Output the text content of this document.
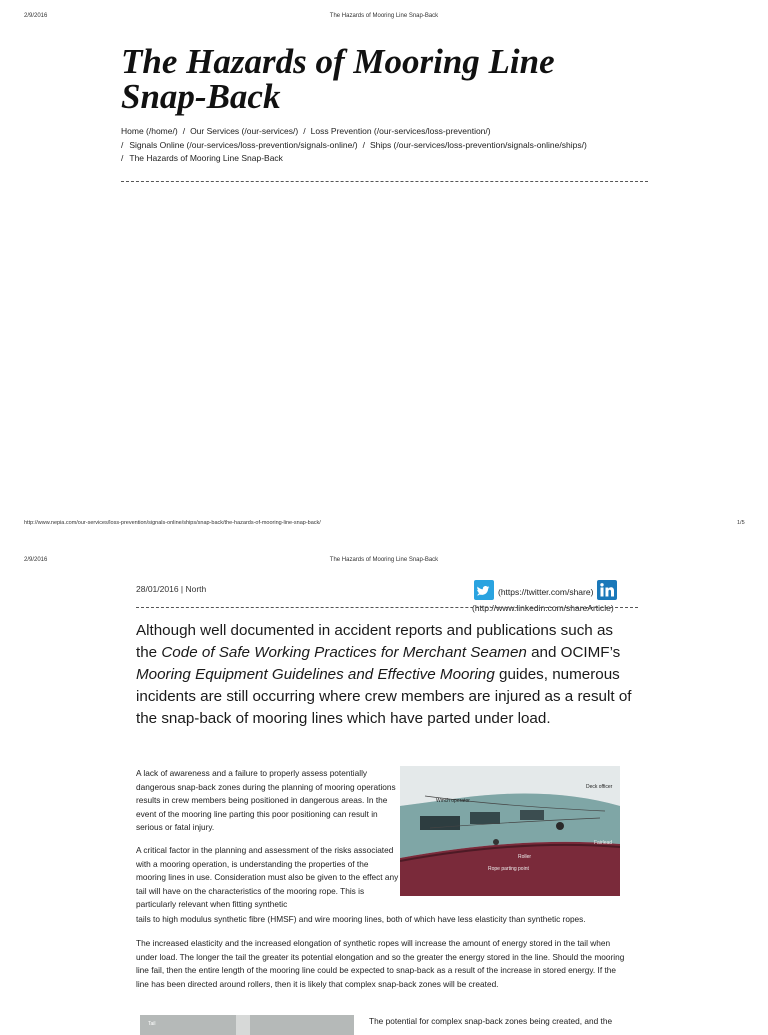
2/9/2016	The Hazards of Mooring Line Snap-Back
The Hazards of Mooring Line
Snap-Back
Home (/home/) / Our Services (/our-services/) / Loss Prevention (/our-services/loss-prevention/)
/ Signals Online (/our-services/loss-prevention/signals-online/) / Ships (/our-services/loss-prevention/signals-online/ships/)
/ The Hazards of Mooring Line Snap-Back
http://www.nepia.com/our-services/loss-prevention/signals-online/ships/snap-back/the-hazards-of-mooring-line-snap-back/	1/5
2/9/2016	The Hazards of Mooring Line Snap-Back
28/01/2016 | North	(https://twitter.com/share)
(http://www.linkedin.com/shareArticle)

Although well documented in accident reports and publications such as the Code of Safe Working Practices for Merchant Seamen and OCIMF’s Mooring Equipment Guidelines and Effective Mooring guides, numerous incidents are still occurring where crew members are injured as a result of the snap-back of mooring lines which have parted under load.

A lack of awareness and a failure to properly assess potentially dangerous snap-back zones during the planning of mooring operations results in crew members being positioned in dangerous areas. In the event of the mooring line parting this poor positioning can result in serious or fatal injury.

Winch operator
Deck officer
Fairlead
Roller
Rope parting point

A critical factor in the planning and assessment of the risks associated with a mooring operation, is understanding the properties of the mooring lines in use. Consideration must also be given to the effect any tail will have on the characteristics of the mooring rope. This is particularly relevant when fitting synthetic

tails to high modulus synthetic fibre (HMSF) and wire mooring lines, both of which have less elasticity than synthetic ropes.

The increased elasticity and the increased elongation of synthetic ropes will increase the amount of energy stored in the tail when under load. The longer the tail the greater its potential elongation and so the greater the energy stored in the line. Should the mooring line fail, then the entire length of the mooring line could be expected to snap-back as a result of the increase in stored energy. If the line has been directed around rollers, then it is likely that complex snap-back zones will be created.

Tail	The potential for complex snap-back zones being created, and the
